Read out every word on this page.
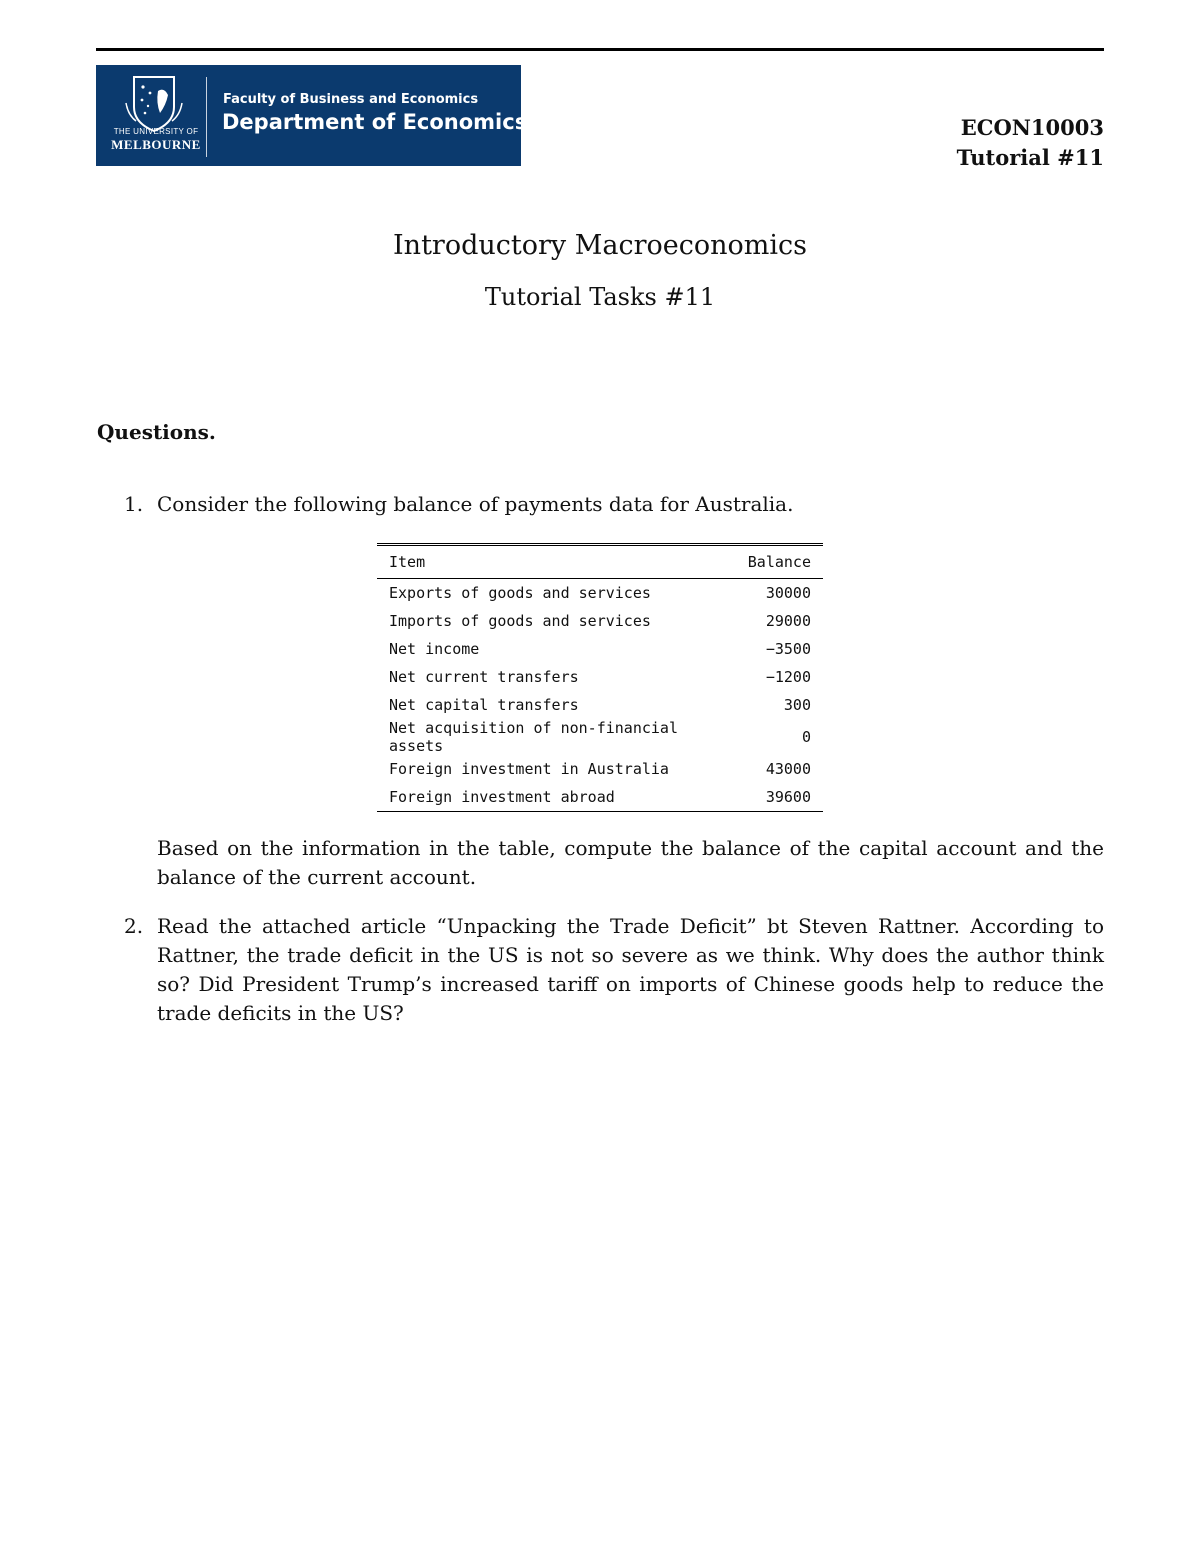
THE UNIVERSITY OF
MELBOURNE
Faculty of Business and Economics
Department of Economics	ECON10003
Tutorial #11
Introductory Macroeconomics
Tutorial Tasks #11
Questions.
1. Consider the following balance of payments data for Australia.
Item	Balance
Exports of goods and services	30000
Imports of goods and services	29000
Net income	−3500
Net current transfers	−1200
Net capital transfers	300
Net acquisition of non-financial assets	0
Foreign investment in Australia	43000
Foreign investment abroad	39600
Based on the information in the table, compute the balance of the capital account and the balance of the current account.
2. Read the attached article “Unpacking the Trade Deficit” bt Steven Rattner. According to Rattner, the trade deficit in the US is not so severe as we think. Why does the author think so? Did President Trump’s increased tariff on imports of Chinese goods help to reduce the trade deficits in the US?
